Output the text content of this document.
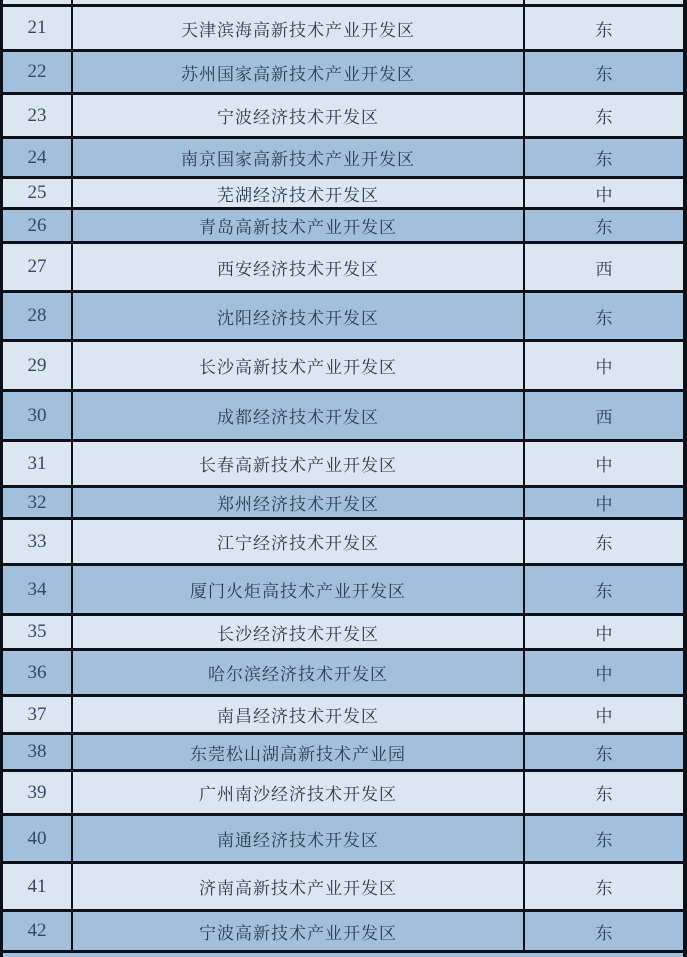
21	天津滨海高新技术产业开发区	东
22	苏州国家高新技术产业开发区	东
23	宁波经济技术开发区	东
24	南京国家高新技术产业开发区	东
25	芜湖经济技术开发区	中
26	青岛高新技术产业开发区	东
27	西安经济技术开发区	西
28	沈阳经济技术开发区	东
29	长沙高新技术产业开发区	中
30	成都经济技术开发区	西
31	长春高新技术产业开发区	中
32	郑州经济技术开发区	中
33	江宁经济技术开发区	东
34	厦门火炬高技术产业开发区	东
35	长沙经济技术开发区	中
36	哈尔滨经济技术开发区	中
37	南昌经济技术开发区	中
38	东莞松山湖高新技术产业园	东
39	广州南沙经济技术开发区	东
40	南通经济技术开发区	东
41	济南高新技术产业开发区	东
42	宁波高新技术产业开发区	东
